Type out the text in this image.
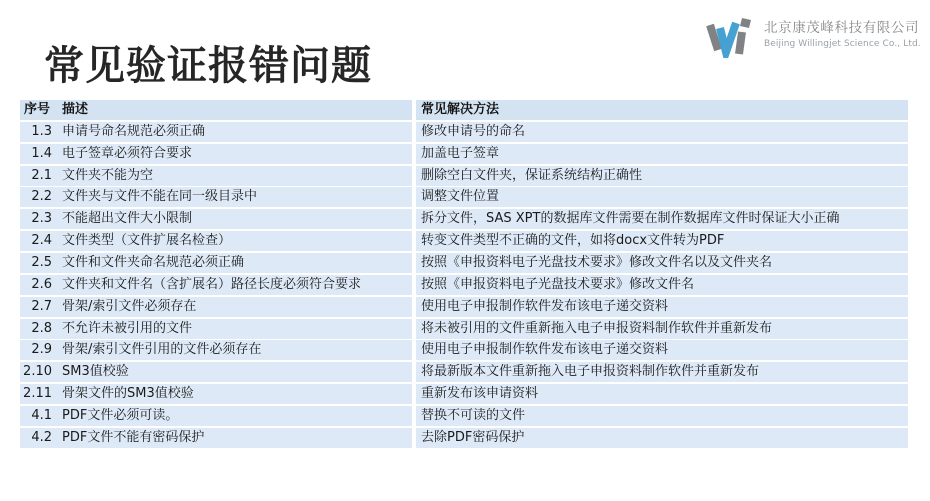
常见验证报错问题
北京康茂峰科技有限公司
Beijing Willingjet Science Co., Ltd.
序号 描述	常见解决方法
1.3 申请号命名规范必须正确	修改申请号的命名
1.4 电子签章必须符合要求	加盖电子签章
2.1 文件夹不能为空	删除空白文件夹，保证系统结构正确性
2.2 文件夹与文件不能在同一级目录中	调整文件位置
2.3 不能超出文件大小限制	拆分文件，SAS XPT的数据库文件需要在制作数据库文件时保证大小正确
2.4 文件类型（文件扩展名检查）	转变文件类型不正确的文件，如将docx文件转为PDF
2.5 文件和文件夹命名规范必须正确	按照《申报资料电子光盘技术要求》修改文件名以及文件夹名
2.6 文件夹和文件名（含扩展名）路径长度必须符合要求	按照《申报资料电子光盘技术要求》修改文件名
2.7 骨架/索引文件必须存在	使用电子申报制作软件发布该电子递交资料
2.8 不允许未被引用的文件	将未被引用的文件重新拖入电子申报资料制作软件并重新发布
2.9 骨架/索引文件引用的文件必须存在	使用电子申报制作软件发布该电子递交资料
2.10 SM3值校验	将最新版本文件重新拖入电子申报资料制作软件并重新发布
2.11 骨架文件的SM3值校验	重新发布该申请资料
4.1 PDF文件必须可读。	替换不可读的文件
4.2 PDF文件不能有密码保护	去除PDF密码保护
